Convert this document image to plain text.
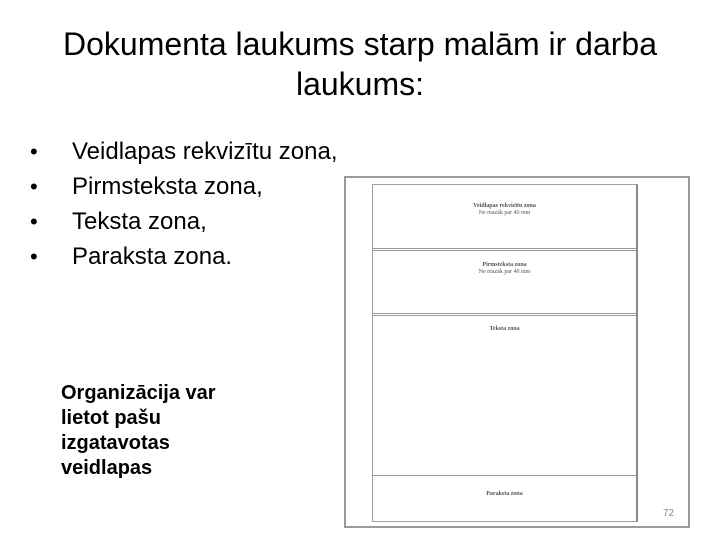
Dokumenta laukums starp malām ir darba laukums:
• Veidlapas rekvizītu zona,
• Pirmsteksta zona,
• Teksta zona,
• Paraksta zona.
Organizācija var
lietot pašu
izgatavotas
veidlapas
Veidlapas rekvizītu zona
Ne mazāk par 40 mm
Pirmsteksta zona
Ne mazāk par 40 mm
Teksta zona
Paraksta zona
72
